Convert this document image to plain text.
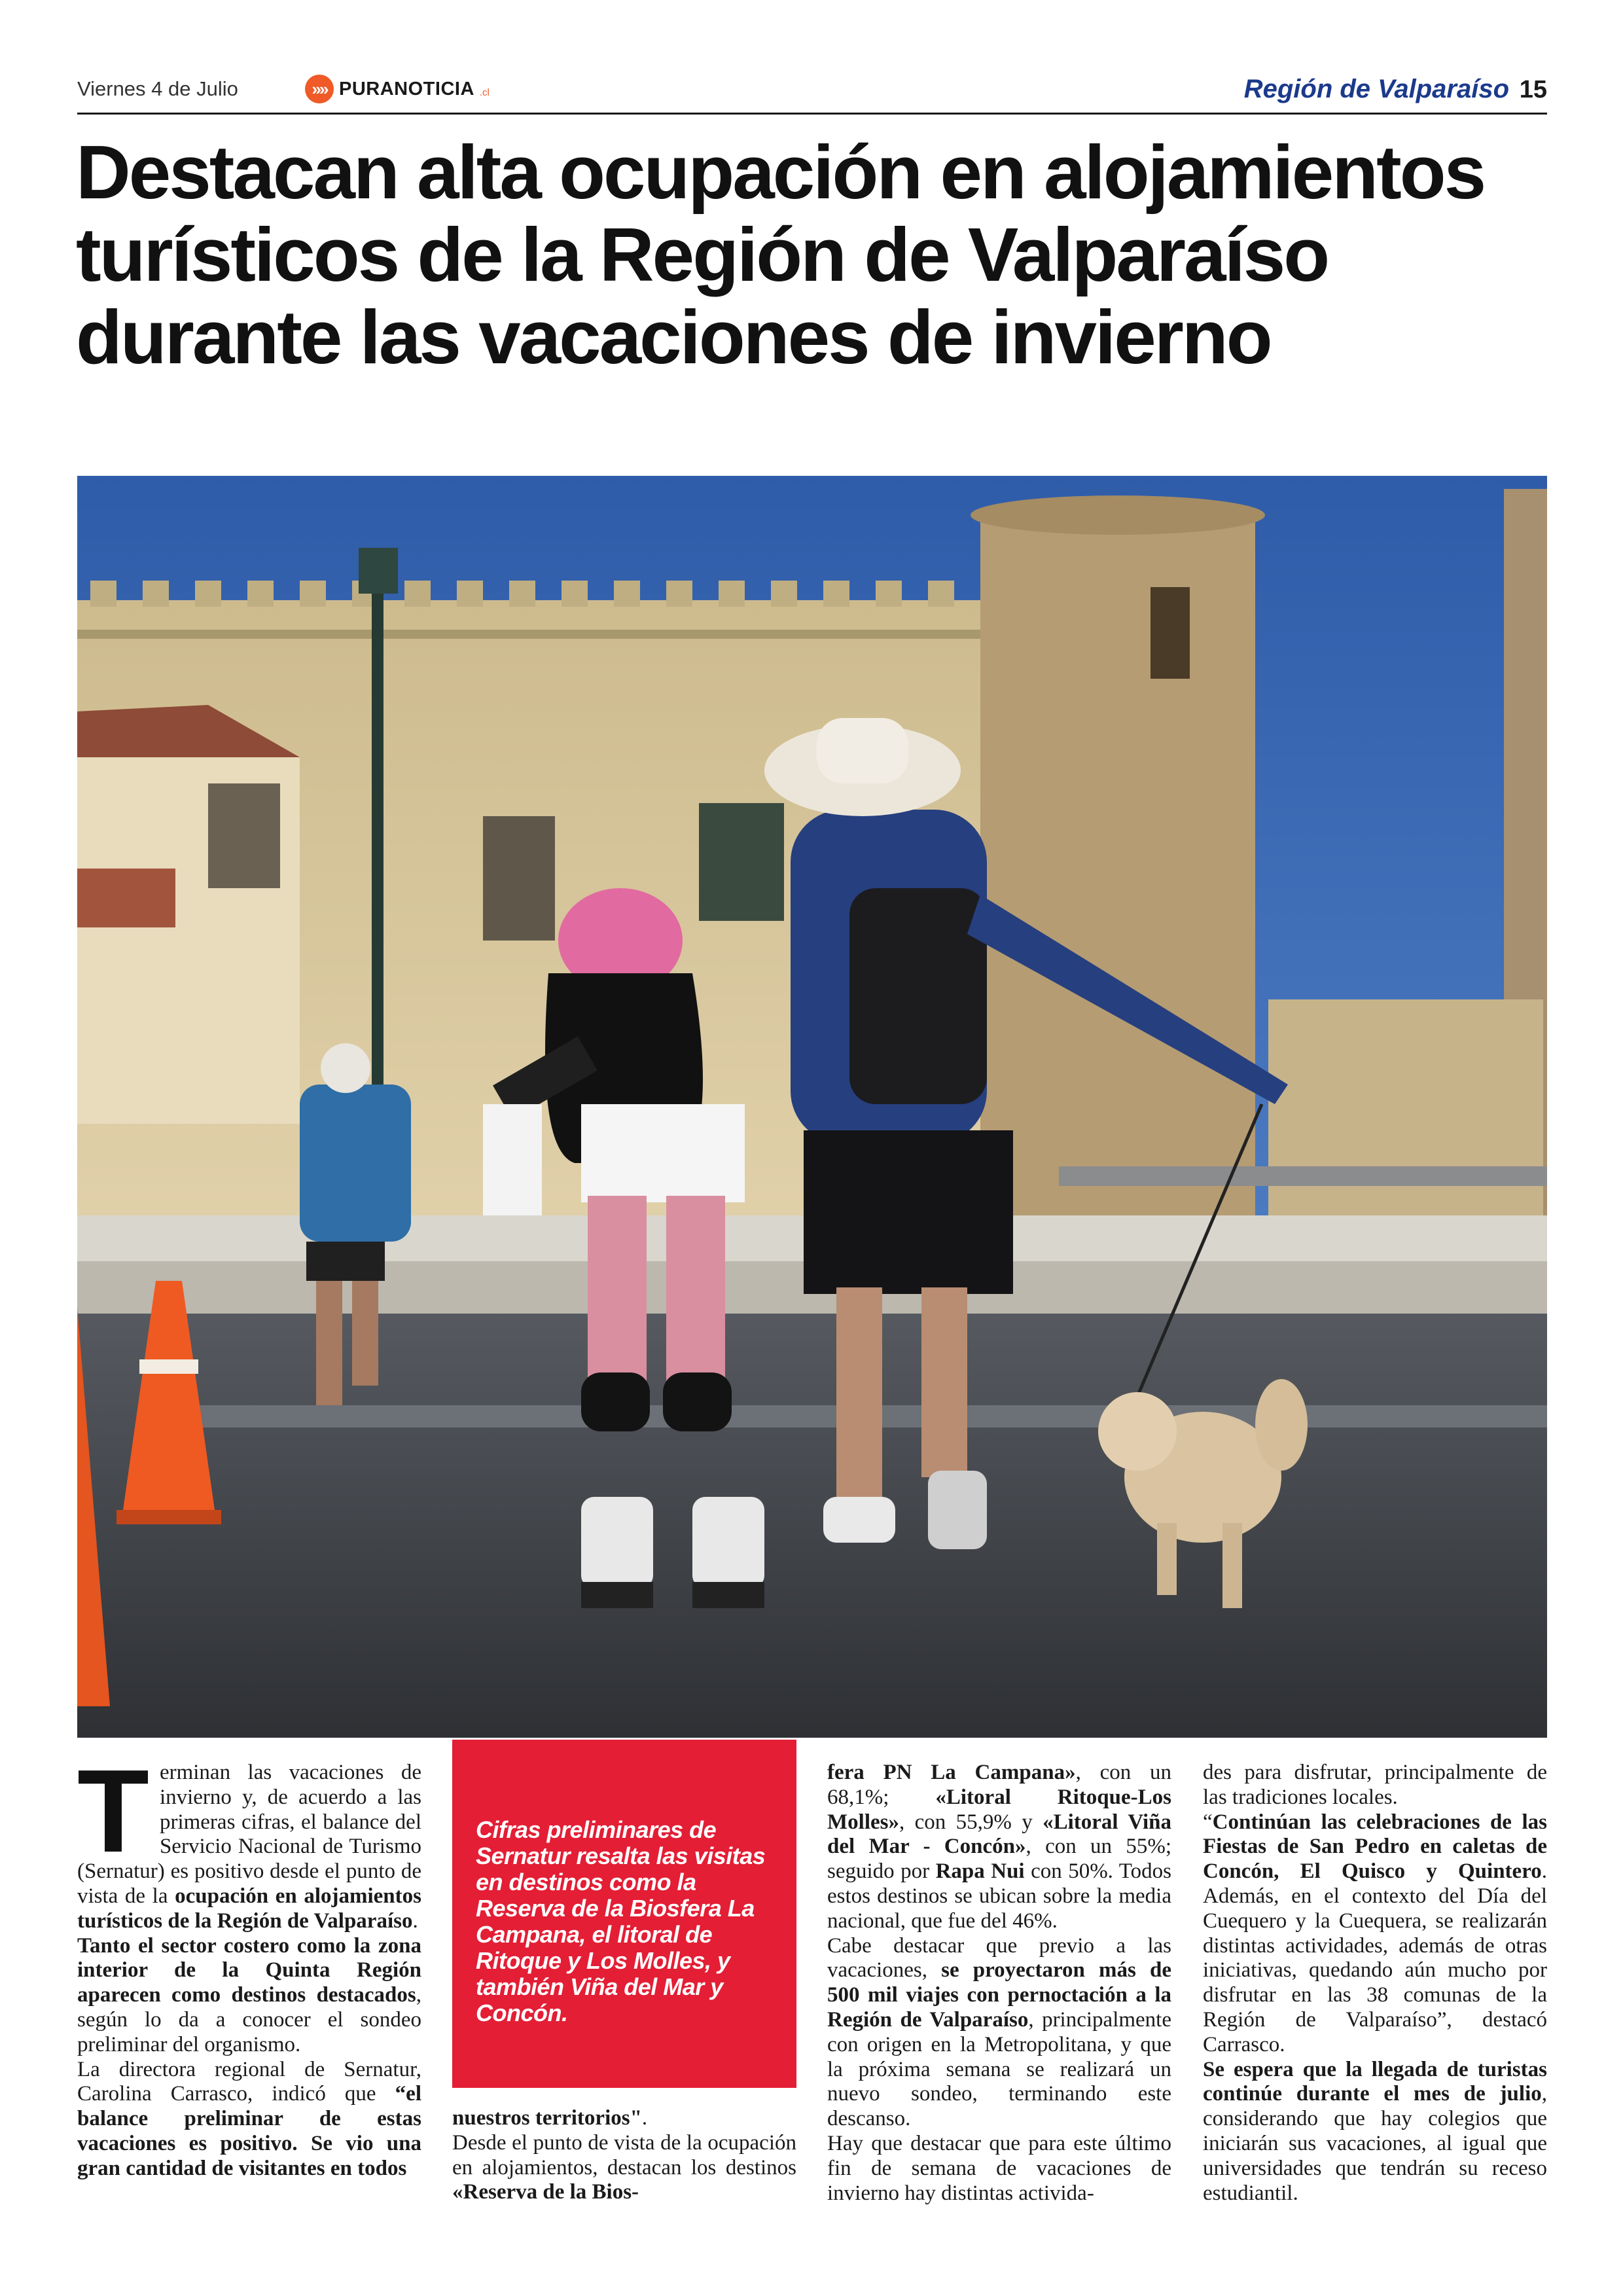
Viernes 4 de Julio	»» PURANOTICIA .cl	Región de Valparaíso 15
Destacan alta ocupación en alojamientos turísticos de la Región de Valparaíso durante las vacaciones de invierno
T erminan las vacaciones de invierno y, de acuerdo a las primeras cifras, el balance del Servicio Nacional de Turismo (Sernatur) es positivo desde el punto de vista de la ocupación en alojamientos turísticos de la Región de Valparaíso.
Tanto el sector costero como la zona interior de la Quinta Región aparecen como destinos destacados, según lo da a conocer el sondeo preliminar del organismo.
La directora regional de Sernatur, Carolina Carrasco, indicó que “el balance preliminar de estas vacaciones es positivo. Se vio una gran cantidad de visitantes en todos

Cifras preliminares de Sernatur resalta las visitas en destinos como la Reserva de la Biosfera La Campana, el litoral de Ritoque y Los Molles, y también Viña del Mar y Concón.

nuestros territorios".
Desde el punto de vista de la ocupación en alojamientos, destacan los destinos «Reserva de la Bios-

fera PN La Campana», con un 68,1%; «Litoral Ritoque-Los Molles», con 55,9% y «Litoral Viña del Mar - Concón», con un 55%; seguido por Rapa Nui con 50%. Todos estos destinos se ubican sobre la media nacional, que fue del 46%.
Cabe destacar que previo a las vacaciones, se proyectaron más de 500 mil viajes con pernoctación a la Región de Valparaíso, principalmente con origen en la Metropolitana, y que la próxima semana se realizará un nuevo sondeo, terminando este descanso.
Hay que destacar que para este último fin de semana de vacaciones de invierno hay distintas activida-

des para disfrutar, principalmente de las tradiciones locales.
“Continúan las celebraciones de las Fiestas de San Pedro en caletas de Concón, El Quisco y Quintero. Además, en el contexto del Día del Cuequero y la Cuequera, se realizarán distintas actividades, además de otras iniciativas, quedando aún mucho por disfrutar en las 38 comunas de la Región de Valparaíso”, destacó Carrasco.
Se espera que la llegada de turistas continúe durante el mes de julio, considerando que hay colegios que iniciarán sus vacaciones, al igual que universidades que tendrán su receso estudiantil.
